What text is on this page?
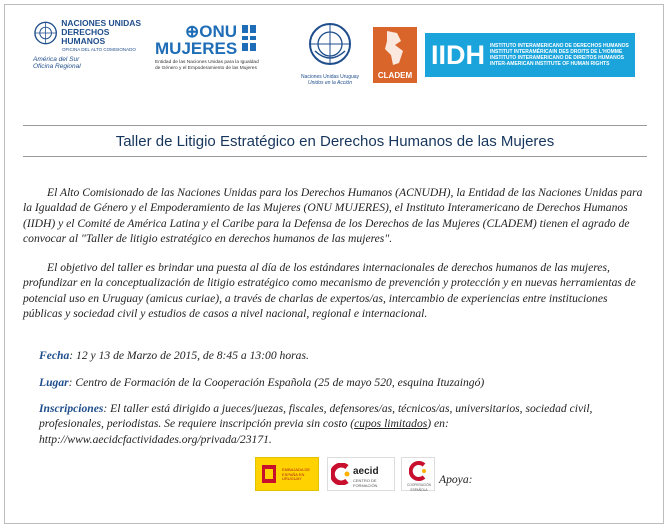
NACIONES UNIDAS
DERECHOS HUMANOS
OFICINA DEL ALTO COMISIONADO
América del Sur
Oficina Regional
⊕ONU
MUJERES
Entidad de las Naciones Unidas para la Igualdad
de Género y el Empoderamiento de las Mujeres
Naciones Unidas Uruguay
Unidos en la Acción
CLADEM
IIDH INSTITUTO INTERAMERICANO DE DERECHOS HUMANOS
INSTITUT INTERAMÉRICAIN DES DROITS DE L'HOMME
INSTITUTO INTERAMERICANO DE DIREITOS HUMANOS
INTER-AMERICAN INSTITUTE OF HUMAN RIGHTS
Taller de Litigio Estratégico en Derechos Humanos de las Mujeres

El Alto Comisionado de las Naciones Unidas para los Derechos Humanos (ACNUDH), la Entidad de las Naciones Unidas para la Igualdad de Género y el Empoderamiento de las Mujeres (ONU MUJERES), el Instituto Interamericano de Derechos Humanos (IIDH) y el Comité de América Latina y el Caribe para la Defensa de los Derechos de las Mujeres (CLADEM) tienen el agrado de convocar al "Taller de litigio estratégico en derechos humanos de las mujeres".

El objetivo del taller es brindar una puesta al día de los estándares internacionales de derechos humanos de las mujeres, profundizar en la conceptualización de litigio estratégico como mecanismo de prevención y protección y en nuevas herramientas de potencial uso en Uruguay (amicus curiae), a través de charlas de expertos/as, intercambio de experiencias entre instituciones públicas y sociedad civil y estudios de casos a nivel nacional, regional e internacional.

Fecha: 12 y 13 de Marzo de 2015, de 8:45 a 13:00 horas.
Lugar: Centro de Formación de la Cooperación Española (25 de mayo 520, esquina Ituzaingó)
Inscripciones: El taller está dirigido a jueces/juezas, fiscales, defensores/as, técnicos/as, universitarios, sociedad civil, profesionales, periodistas. Se requiere inscripción previa sin costo (cupos limitados) en: http://www.aecidcfactividades.org/privada/23171.
EMBAJADA DE ESPAÑA EN URUGUAY
aecid
CENTRO DE FORMACIÓN	COOPERACIÓN ESPAÑOLA
Apoya:
